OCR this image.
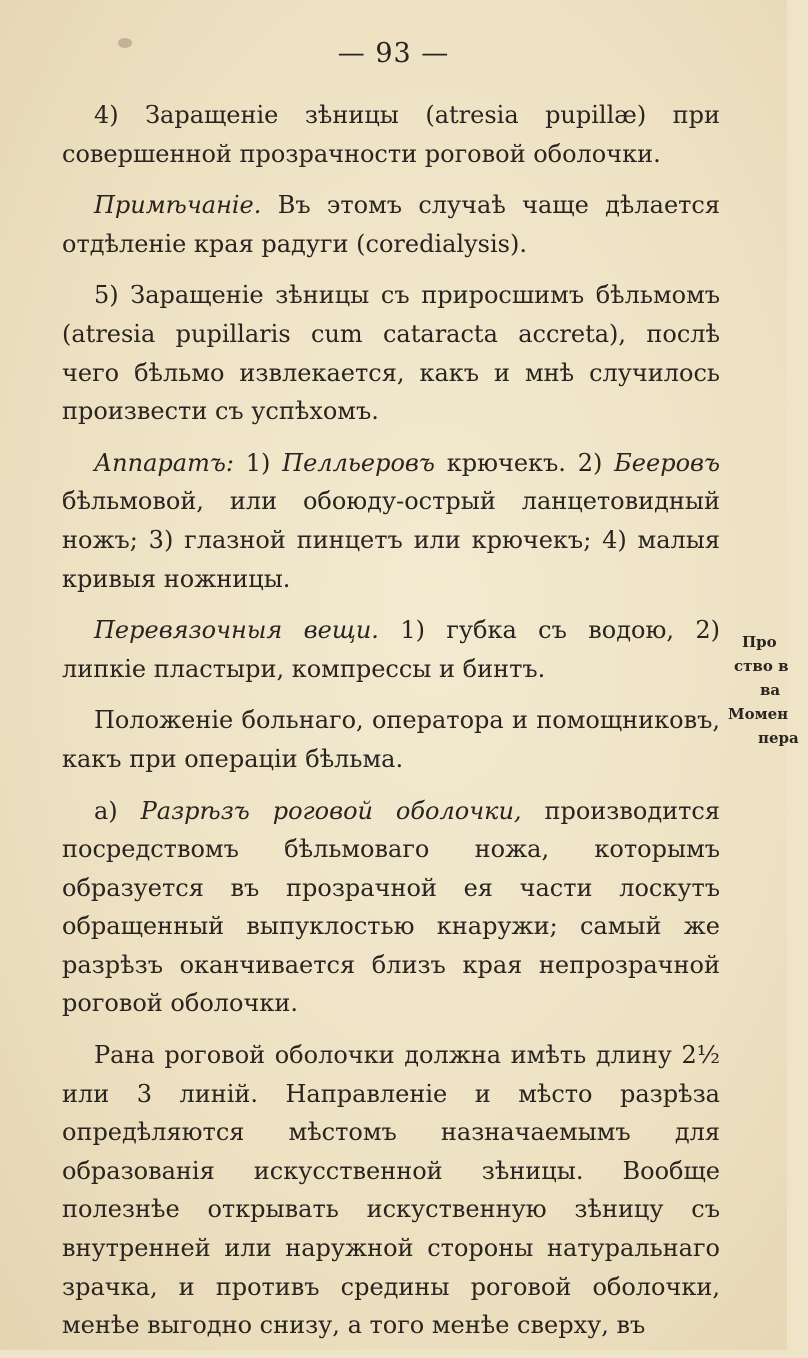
— 93 —

4) Заращеніе зѣницы (atresia pupillæ) при совершенной прозрачности роговой оболочки.

Примѣчаніе. Въ этомъ случаѣ чаще дѣлается отдѣленіе края радуги (coredialysis).

5) Заращеніе зѣницы съ приросшимъ бѣльмомъ (atresia pupillaris cum cataracta accreta), послѣ чего бѣльмо извлекается, какъ и мнѣ случилось произвести съ успѣхомъ.

Аппаратъ: 1) Пелльеровъ крючекъ. 2) Бееровъ бѣльмовой, или обоюду-острый ланцетовидный ножъ; 3) глазной пинцетъ или крючекъ; 4) малыя кривыя ножницы.

Перевязочныя вещи. 1) губка съ водою, 2) липкіе пластыри, компрессы и бинтъ.

Положеніе больнаго, оператора и помощниковъ, какъ при операціи бѣльма.

а) Разрѣзъ роговой оболочки, производится посредствомъ бѣльмоваго ножа, которымъ образуется въ прозрачной ея части лоскутъ обращенный выпуклостью кнаружи; самый же разрѣзъ оканчивается близъ края непрозрачной роговой оболочки.

Рана роговой оболочки должна имѣть длину 2½ или 3 линій. Направленіе и мѣсто разрѣза опредѣляются мѣстомъ назначаемымъ для образованія искусственной зѣницы. Вообще полезнѣе открывать искуственную зѣницу съ внутренней или наружной стороны натуральнаго зрачка, и противъ средины роговой оболочки, менѣе выгодно снизу, а того менѣе сверху, въ

Про
ство в
ва
Момен
пера
